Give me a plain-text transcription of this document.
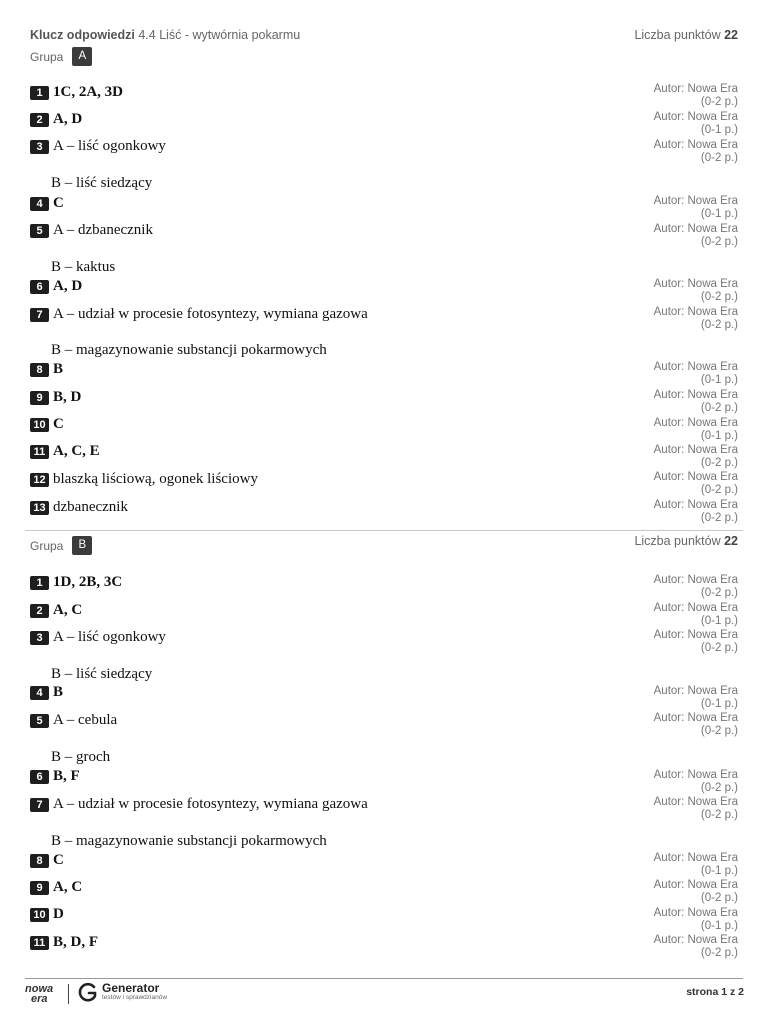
Klucz odpowiedzi 4.4 Liść - wytwórnia pokarmu	Liczba punktów 22
Grupa	A
1 1C, 2A, 3D	Autor: Nowa Era
(0-2 p.)
2 A, D	Autor: Nowa Era
(0-1 p.)
3 A – liść ogonkowy
B – liść siedzący
Autor: Nowa Era
(0-2 p.)
4 C	Autor: Nowa Era
(0-1 p.)
5 A – dzbanecznik
B – kaktus
Autor: Nowa Era
(0-2 p.)
6 A, D	Autor: Nowa Era
(0-2 p.)
7 A – udział w procesie fotosyntezy, wymiana gazowa
B – magazynowanie substancji pokarmowych
Autor: Nowa Era
(0-2 p.)
8 B	Autor: Nowa Era
(0-1 p.)
9 B, D	Autor: Nowa Era
(0-2 p.)
10 C	Autor: Nowa Era
(0-1 p.)
11 A, C, E	Autor: Nowa Era
(0-2 p.)
12 blaszką liściową, ogonek liściowy	Autor: Nowa Era
(0-2 p.)
13 dzbanecznik	Autor: Nowa Era
(0-2 p.)
Grupa	B	Liczba punktów 22
1 1D, 2B, 3C	Autor: Nowa Era
(0-2 p.)
2 A, C	Autor: Nowa Era
(0-1 p.)
3 A – liść ogonkowy
B – liść siedzący
Autor: Nowa Era
(0-2 p.)
4 B	Autor: Nowa Era
(0-1 p.)
5 A – cebula
B – groch
Autor: Nowa Era
(0-2 p.)
6 B, F	Autor: Nowa Era
(0-2 p.)
7 A – udział w procesie fotosyntezy, wymiana gazowa
B – magazynowanie substancji pokarmowych
Autor: Nowa Era
(0-2 p.)
8 C	Autor: Nowa Era
(0-1 p.)
9 A, C	Autor: Nowa Era
(0-2 p.)
10 D	Autor: Nowa Era
(0-1 p.)
11 B, D, F	Autor: Nowa Era
(0-2 p.)
nowa
era
Generator
testów i sprawdzianów	strona 1 z 2
